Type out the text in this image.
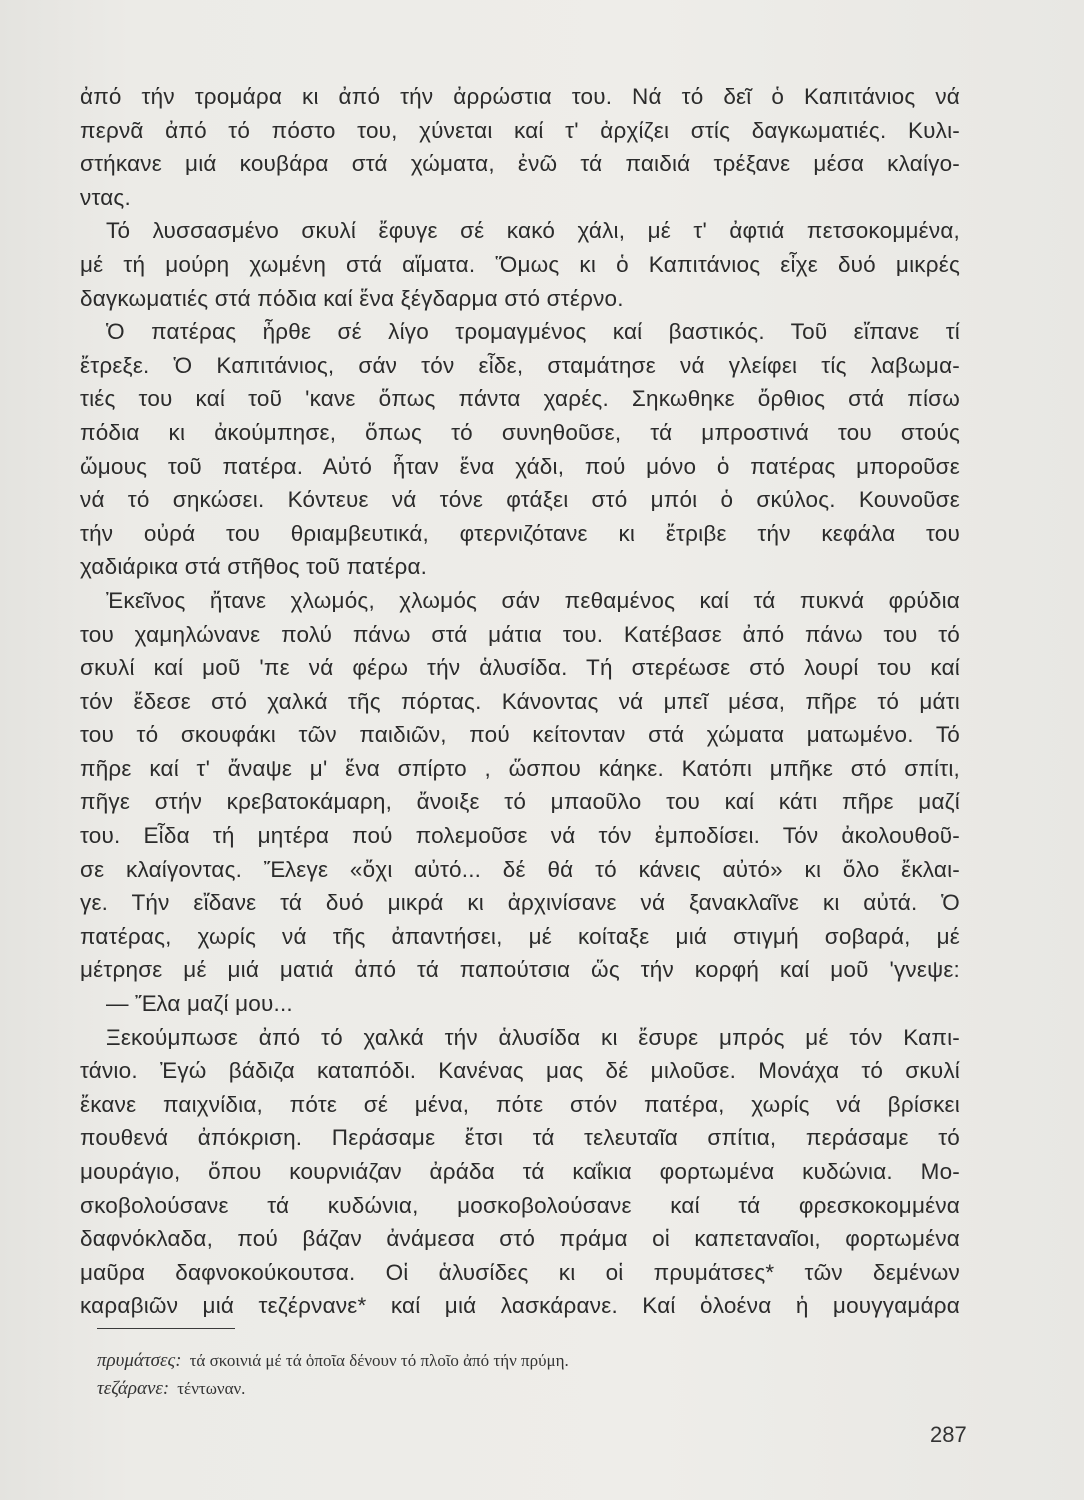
ἀπό τήν τρομάρα κι ἀπό τήν ἀρρώστια του. Νά τό δεῖ ὁ Καπιτάνιος νά
περνᾶ ἀπό τό πόστο του, χύνεται καί τ' ἀρχίζει στίς δαγκωματιές. Κυλι-
στήκανε μιά κουβάρα στά χώματα, ἐνῶ τά παιδιά τρέξανε μέσα κλαίγο-
ντας.
Τό λυσσασμένο σκυλί ἔφυγε σέ κακό χάλι, μέ τ' ἀφτιά πετσοκομμένα,
μέ τή μούρη χωμένη στά αἵματα. Ὅμως κι ὁ Καπιτάνιος εἶχε δυό μικρές
δαγκωματιές στά πόδια καί ἕνα ξέγδαρμα στό στέρνο.
Ὁ πατέρας ἦρθε σέ λίγο τρομαγμένος καί βαστικός. Τοῦ εἴπανε τί
ἔτρεξε. Ὁ Καπιτάνιος, σάν τόν εἶδε, σταμάτησε νά γλείφει τίς λαβωμα-
τιές του καί τοῦ 'κανε ὅπως πάντα χαρές. Σηκωθηκε ὄρθιος στά πίσω
πόδια κι ἀκούμπησε, ὅπως τό συνηθοῦσε, τά μπροστινά του στούς
ὤμους τοῦ πατέρα. Αὐτό ἦταν ἕνα χάδι, πού μόνο ὁ πατέρας μποροῦσε
νά τό σηκώσει. Κόντευε νά τόνε φτάξει στό μπόι ὁ σκύλος. Κουνοῦσε
τήν οὐρά του θριαμβευτικά, φτερνιζότανε κι ἔτριβε τήν κεφάλα του
χαδιάρικα στά στῆθος τοῦ πατέρα.
Ἐκεῖνος ἤτανε χλωμός, χλωμός σάν πεθαμένος καί τά πυκνά φρύδια
του χαμηλώνανε πολύ πάνω στά μάτια του. Κατέβασε ἀπό πάνω του τό
σκυλί καί μοῦ 'πε νά φέρω τήν ἁλυσίδα. Τή στερέωσε στό λουρί του καί
τόν ἔδεσε στό χαλκά τῆς πόρτας. Κάνοντας νά μπεῖ μέσα, πῆρε τό μάτι
του τό σκουφάκι τῶν παιδιῶν, πού κείτονταν στά χώματα ματωμένο. Τό
πῆρε καί τ' ἄναψε μ' ἕνα σπίρτο , ὥσπου κάηκε. Κατόπι μπῆκε στό σπίτι,
πῆγε στήν κρεβατοκάμαρη, ἄνοιξε τό μπαοῦλο του καί κάτι πῆρε μαζί
του. Εἶδα τή μητέρα πού πολεμοῦσε νά τόν ἐμποδίσει. Τόν ἀκολουθοῦ-
σε κλαίγοντας. Ἔλεγε «ὄχι αὐτό... δέ θά τό κάνεις αὐτό» κι ὅλο ἔκλαι-
γε. Τήν εἴδανε τά δυό μικρά κι ἀρχινίσανε νά ξανακλαῖνε κι αὐτά. Ὁ
πατέρας, χωρίς νά τῆς ἀπαντήσει, μέ κοίταξε μιά στιγμή σοβαρά, μέ
μέτρησε μέ μιά ματιά ἀπό τά παπούτσια ὥς τήν κορφή καί μοῦ 'γνεψε:
— Ἔλα μαζί μου...
Ξεκούμπωσε ἀπό τό χαλκά τήν ἁλυσίδα κι ἔσυρε μπρός μέ τόν Καπι-
τάνιο. Ἐγώ βάδιζα καταπόδι. Κανένας μας δέ μιλοῦσε. Μονάχα τό σκυλί
ἔκανε παιχνίδια, πότε σέ μένα, πότε στόν πατέρα, χωρίς νά βρίσκει
πουθενά ἀπόκριση. Περάσαμε ἔτσι τά τελευταῖα σπίτια, περάσαμε τό
μουράγιο, ὅπου κουρνιάζαν ἀράδα τά καΐκια φορτωμένα κυδώνια. Μο-
σκοβολούσανε τά κυδώνια, μοσκοβολούσανε καί τά φρεσκοκομμένα
δαφνόκλαδα, πού βάζαν ἀνάμεσα στό πράμα οἱ καπεταναῖοι, φορτωμένα
μαῦρα δαφνοκούκουτσα. Οἱ ἁλυσίδες κι οἱ πρυμάτσες* τῶν δεμένων
καραβιῶν μιά τεζέρνανε* καί μιά λασκάρανε. Καί ὁλοένα ἡ μουγγαμάρα
πρυμάτσες: τά σκοινιά μέ τά ὁποῖα δένουν τό πλοῖο ἀπό τήν πρύμη.
τεζάρανε: τέντωναν.
287
